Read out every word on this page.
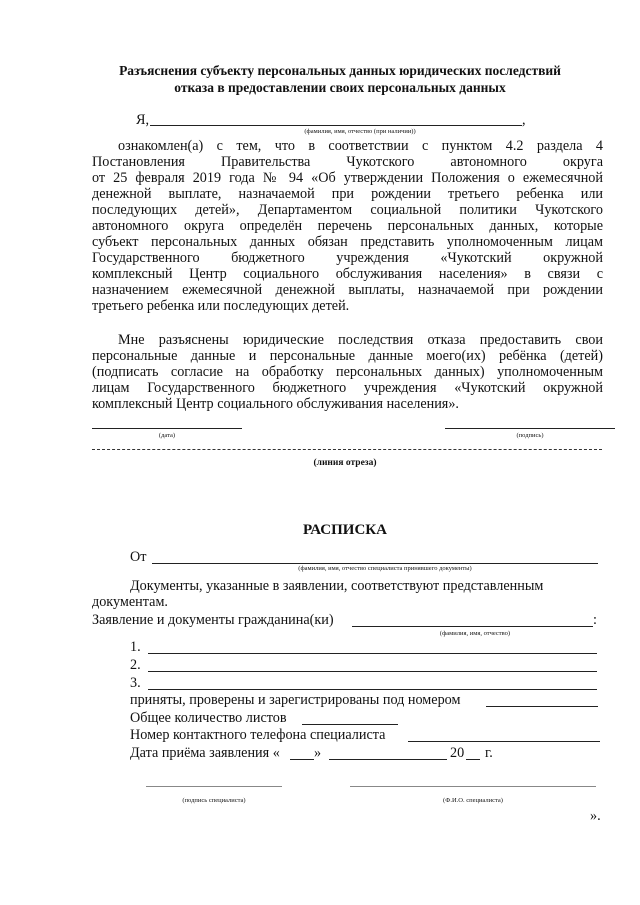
Разъяснения субъекту персональных данных юридических последствий
отказа в предоставлении своих персональных данных
Я,	,
(фамилия, имя, отчество (при наличии))
ознакомлен(а) с тем, что в соответствии с пунктом 4.2 раздела 4
Постановления Правительства Чукотского автономного округа
от 25 февраля 2019 года № 94 «Об утверждении Положения о ежемесячной
денежной выплате, назначаемой при рождении третьего ребенка или
последующих детей», Департаментом социальной политики Чукотского
автономного округа определён перечень персональных данных, которые
субъект персональных данных обязан представить уполномоченным лицам
Государственного бюджетного учреждения «Чукотский окружной
комплексный Центр социального обслуживания населения» в связи с
назначением ежемесячной денежной выплаты, назначаемой при рождении
третьего ребенка или последующих детей.
Мне разъяснены юридические последствия отказа предоставить свои
персональные данные и персональные данные моего(их) ребёнка (детей)
(подписать согласие на обработку персональных данных) уполномоченным
лицам Государственного бюджетного учреждения «Чукотский окружной
комплексный Центр социального обслуживания населения».
(дата)	(подпись)
(линия отреза)
РАСПИСКА
От
(фамилия, имя, отчество специалиста принявшего документы)
Документы, указанные в заявлении, соответствуют представленным
документам.
Заявление и документы гражданина(ки)	:
(фамилия, имя, отчество)
1.
2.
3.
приняты, проверены и зарегистрированы под номером
Общее количество листов
Номер контактного телефона специалиста
Дата приёма заявления « »	20 г.
(подпись специалиста)	(Ф.И.О. специалиста)
».
